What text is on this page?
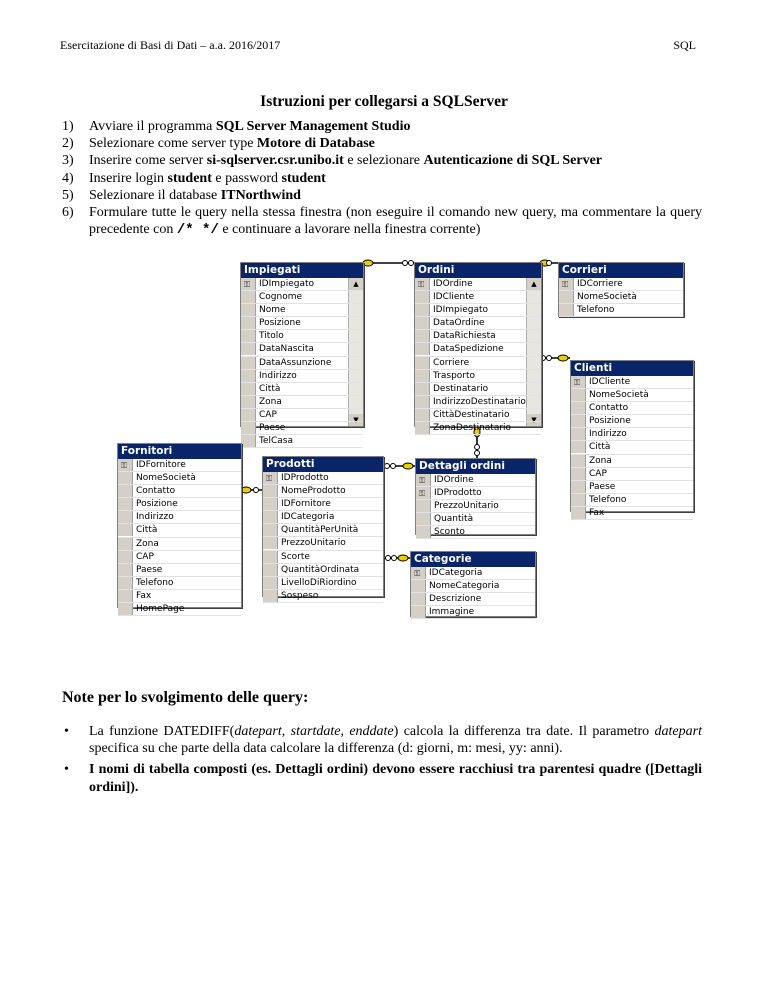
Esercitazione di Basi di Dati – a.a. 2016/2017	SQL
Istruzioni per collegarsi a SQLServer
1) Avviare il programma SQL Server Management Studio
2) Selezionare come server type Motore di Database
3) Inserire come server si-sqlserver.csr.unibo.it e selezionare Autenticazione di SQL Server
4) Inserire login student e password student
5) Selezionare il database ITNorthwind
6) Formulare tutte le query nella stessa finestra (non eseguire il comando new query, ma commentare la query precedente con /* */ e continuare a lavorare nella finestra corrente)
Impiegati
▲
▼
⚿ IDImpiegato
Cognome
Nome
Posizione
Titolo
DataNascita
DataAssunzione
Indirizzo
Città
Zona
CAP
Paese
TelCasa
Ordini
▲
▼
⚿ IDOrdine
IDCliente
IDImpiegato
DataOrdine
DataRichiesta
DataSpedizione
Corriere
Trasporto
Destinatario
IndirizzoDestinatario
CittàDestinatario
ZonaDestinatario
Corrieri
⚿ IDCorriere
NomeSocietà
Telefono
Clienti
⚿ IDCliente
NomeSocietà
Contatto
Posizione
Indirizzo
Città
Zona
CAP
Paese
Telefono
Fax
Fornitori
⚿ IDFornitore
NomeSocietà
Contatto
Posizione
Indirizzo
Città
Zona
CAP
Paese
Telefono
Fax
HomePage
Prodotti
⚿ IDProdotto
NomeProdotto
IDFornitore
IDCategoria
QuantitàPerUnità
PrezzoUnitario
Scorte
QuantitàOrdinata
LivelloDiRiordino
Sospeso
Dettagli ordini
⚿ IDOrdine
⚿ IDProdotto
PrezzoUnitario
Quantità
Sconto
Categorie
⚿ IDCategoria
NomeCategoria
Descrizione
Immagine
Note per lo svolgimento delle query:
• La funzione DATEDIFF(datepart, startdate, enddate) calcola la differenza tra date. Il parametro datepart specifica su che parte della data calcolare la differenza (d: giorni, m: mesi, yy: anni).
• I nomi di tabella composti (es. Dettagli ordini) devono essere racchiusi tra parentesi quadre ([Dettagli ordini]).
